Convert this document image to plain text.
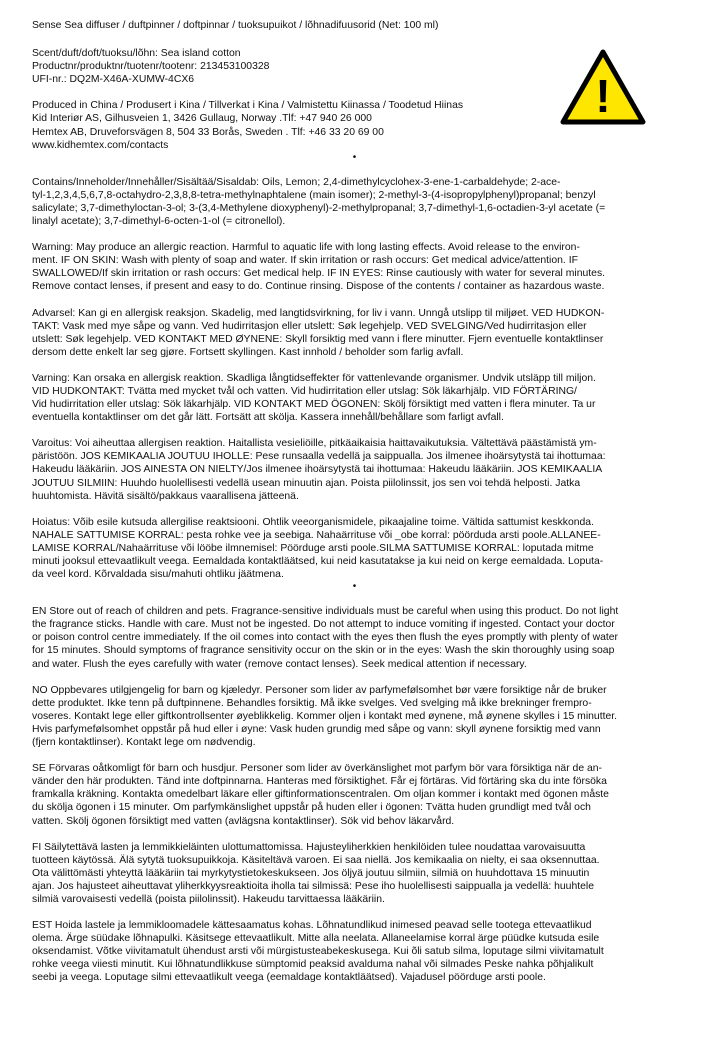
Sense Sea diffuser / duftpinner / doftpinnar / tuoksupuikot / lõhnadifuusorid (Net: 100 ml)

Scent/duft/doft/tuoksu/lõhn: Sea island cotton
Productnr/produktnr/tuotenr/tootenr: 213453100328
UFI-nr.: DQ2M-X46A-XUMW-4CX6
Produced in China / Produsert i Kina / Tillverkat i Kina / Valmistettu Kiinassa / Toodetud Hiinas
Kid Interiør AS, Gilhusveien 1, 3426 Gullaug, Norway .Tlf: +47 940 26 000
Hemtex AB, Druveforsvägen 8, 504 33 Borås, Sweden . Tlf: +46 33 20 69 00
www.kidhemtex.com/contacts

•

Contains/Inneholder/Innehåller/Sisältää/Sisaldab: Oils, Lemon; 2,4-dimethylcyclohex-3-ene-1-carbaldehyde; 2-ace-
tyl-1,2,3,4,5,6,7,8-octahydro-2,3,8,8-tetra-methylnaphtalene (main isomer); 2-methyl-3-(4-isopropylphenyl)propanal; benzyl
salicylate; 3,7-dimethyloctan-3-ol; 3-(3,4-Methylene dioxyphenyl)-2-methylpropanal; 3,7-dimethyl-1,6-octadien-3-yl acetate (=
linalyl acetate); 3,7-dimethyl-6-octen-1-ol (= citronellol).
Warning: May produce an allergic reaction. Harmful to aquatic life with long lasting effects. Avoid release to the environ-
ment. IF ON SKIN: Wash with plenty of soap and water. If skin irritation or rash occurs: Get medical advice/attention. IF
SWALLOWED/If skin irritation or rash occurs: Get medical help. IF IN EYES: Rinse cautiously with water for several minutes.
Remove contact lenses, if present and easy to do. Continue rinsing. Dispose of the contents / container as hazardous waste.
Advarsel: Kan gi en allergisk reaksjon. Skadelig, med langtidsvirkning, for liv i vann. Unngå utslipp til miljøet. VED HUDKON-
TAKT: Vask med mye såpe og vann. Ved hudirritasjon eller utslett: Søk legehjelp. VED SVELGING/Ved hudirritasjon eller
utslett: Søk legehjelp. VED KONTAKT MED ØYNENE: Skyll forsiktig med vann i flere minutter. Fjern eventuelle kontaktlinser
dersom dette enkelt lar seg gjøre. Fortsett skyllingen. Kast innhold / beholder som farlig avfall.
Varning: Kan orsaka en allergisk reaktion. Skadliga långtidseffekter för vattenlevande organismer. Undvik utsläpp till miljon.
VID HUDKONTAKT: Tvätta med mycket tvål och vatten. Vid hudirritation eller utslag: Sök läkarhjälp. VID FÖRTÄRING/
Vid hudirritation eller utslag: Sök läkarhjälp. VID KONTAKT MED ÖGONEN: Skölj försiktigt med vatten i flera minuter. Ta ur
eventuella kontaktlinser om det går lätt. Fortsätt att skölja. Kassera innehåll/behållare som farligt avfall.
Varoitus: Voi aiheuttaa allergisen reaktion. Haitallista vesieliöille, pitkäaikaisia haittavaikutuksia. Vältettävä päästämistä ym-
päristöön. JOS KEMIKAALIA JOUTUU IHOLLE: Pese runsaalla vedellä ja saippualla. Jos ilmenee ihoärsytystä tai ihottumaa:
Hakeudu lääkäriin. JOS AINESTA ON NIELTY/Jos ilmenee ihoärsytystä tai ihottumaa: Hakeudu lääkäriin. JOS KEMIKAALIA
JOUTUU SILMIIN: Huuhdo huolellisesti vedellä usean minuutin ajan. Poista piilolinssit, jos sen voi tehdä helposti. Jatka
huuhtomista. Hävitä sisältö/pakkaus vaarallisena jätteenä.
Hoiatus: Võib esile kutsuda allergilise reaktsiooni. Ohtlik veeorganismidele, pikaajaline toime. Vältida sattumist keskkonda.
NAHALE SATTUMISE KORRAL: pesta rohke vee ja seebiga. Nahaärrituse või _obe korral: pöörduda arsti poole.ALLANEE-
LAMISE KORRAL/Nahaärrituse või lööbe ilmnemisel: Pöörduge arsti poole.SILMA SATTUMISE KORRAL: loputada mitme
minuti jooksul ettevaatlikult veega. Eemaldada kontaktläätsed, kui neid kasutatakse ja kui neid on kerge eemaldada. Loputa-
da veel kord. Kõrvaldada sisu/mahuti ohtliku jäätmena.

•

EN Store out of reach of children and pets. Fragrance-sensitive individuals must be careful when using this product. Do not light
the fragrance sticks. Handle with care. Must not be ingested. Do not attempt to induce vomiting if ingested. Contact your doctor
or poison control centre immediately. If the oil comes into contact with the eyes then flush the eyes promptly with plenty of water
for 15 minutes. Should symptoms of fragrance sensitivity occur on the skin or in the eyes: Wash the skin thoroughly using soap
and water. Flush the eyes carefully with water (remove contact lenses). Seek medical attention if necessary.
NO Oppbevares utilgjengelig for barn og kjæledyr. Personer som lider av parfymefølsomhet bør være forsiktige når de bruker
dette produktet. Ikke tenn på duftpinnene. Behandles forsiktig. Må ikke svelges. Ved svelging må ikke brekninger frempro-
voseres. Kontakt lege eller giftkontrollsenter øyeblikkelig. Kommer oljen i kontakt med øynene, må øynene skylles i 15 minutter.
Hvis parfymefølsomhet oppstår på hud eller i øyne: Vask huden grundig med såpe og vann: skyll øynene forsiktig med vann
(fjern kontaktlinser). Kontakt lege om nødvendig.
SE Förvaras oåtkomligt för barn och husdjur. Personer som lider av överkänslighet mot parfym bör vara försiktiga när de an-
vänder den här produkten. Tänd inte doftpinnarna. Hanteras med försiktighet. Får ej förtäras. Vid förtäring ska du inte försöka
framkalla kräkning. Kontakta omedelbart läkare eller giftinformationscentralen. Om oljan kommer i kontakt med ögonen måste
du skölja ögonen i 15 minuter. Om parfymkänslighet uppstår på huden eller i ögonen: Tvätta huden grundligt med tvål och
vatten. Skölj ögonen försiktigt med vatten (avlägsna kontaktlinser). Sök vid behov läkarvård.
FI Säilytettävä lasten ja lemmikkieläinten ulottumattomissa. Hajusteyliherkkien henkilöiden tulee noudattaa varovaisuutta
tuotteen käytössä. Älä sytytä tuoksupuikkoja. Käsiteltävä varoen. Ei saa niellä. Jos kemikaalia on nielty, ei saa oksennuttaa.
Ota välittömästi yhteyttä lääkäriin tai myrkytystietokeskukseen. Jos öljyä joutuu silmiin, silmiä on huuhdottava 15 minuutin
ajan. Jos hajusteet aiheuttavat yliherkkyysreaktioita iholla tai silmissä: Pese iho huolellisesti saippualla ja vedellä: huuhtele
silmiä varovaisesti vedellä (poista piilolinssit). Hakeudu tarvittaessa lääkäriin.
EST Hoida lastele ja lemmikloomadele kättesaamatus kohas. Lõhnatundlikud inimesed peavad selle tootega ettevaatlikud
olema. Ärge süüdake lõhnapulki. Käsitsege ettevaatlikult. Mitte alla neelata. Allaneelamise korral ärge püüdke kutsuda esile
oksendamist. Võtke viivitamatult ühendust arsti või mürgistusteabekeskusega. Kui õli satub silma, loputage silmi viivitamatult
rohke veega viiesti minutit. Kui lõhnatundlikkuse sümptomid peaksid avalduma nahal või silmades Peske nahka põhjalikult
seebi ja veega. Loputage silmi ettevaatlikult veega (eemaldage kontaktläätsed). Vajadusel pöörduge arsti poole.
!
